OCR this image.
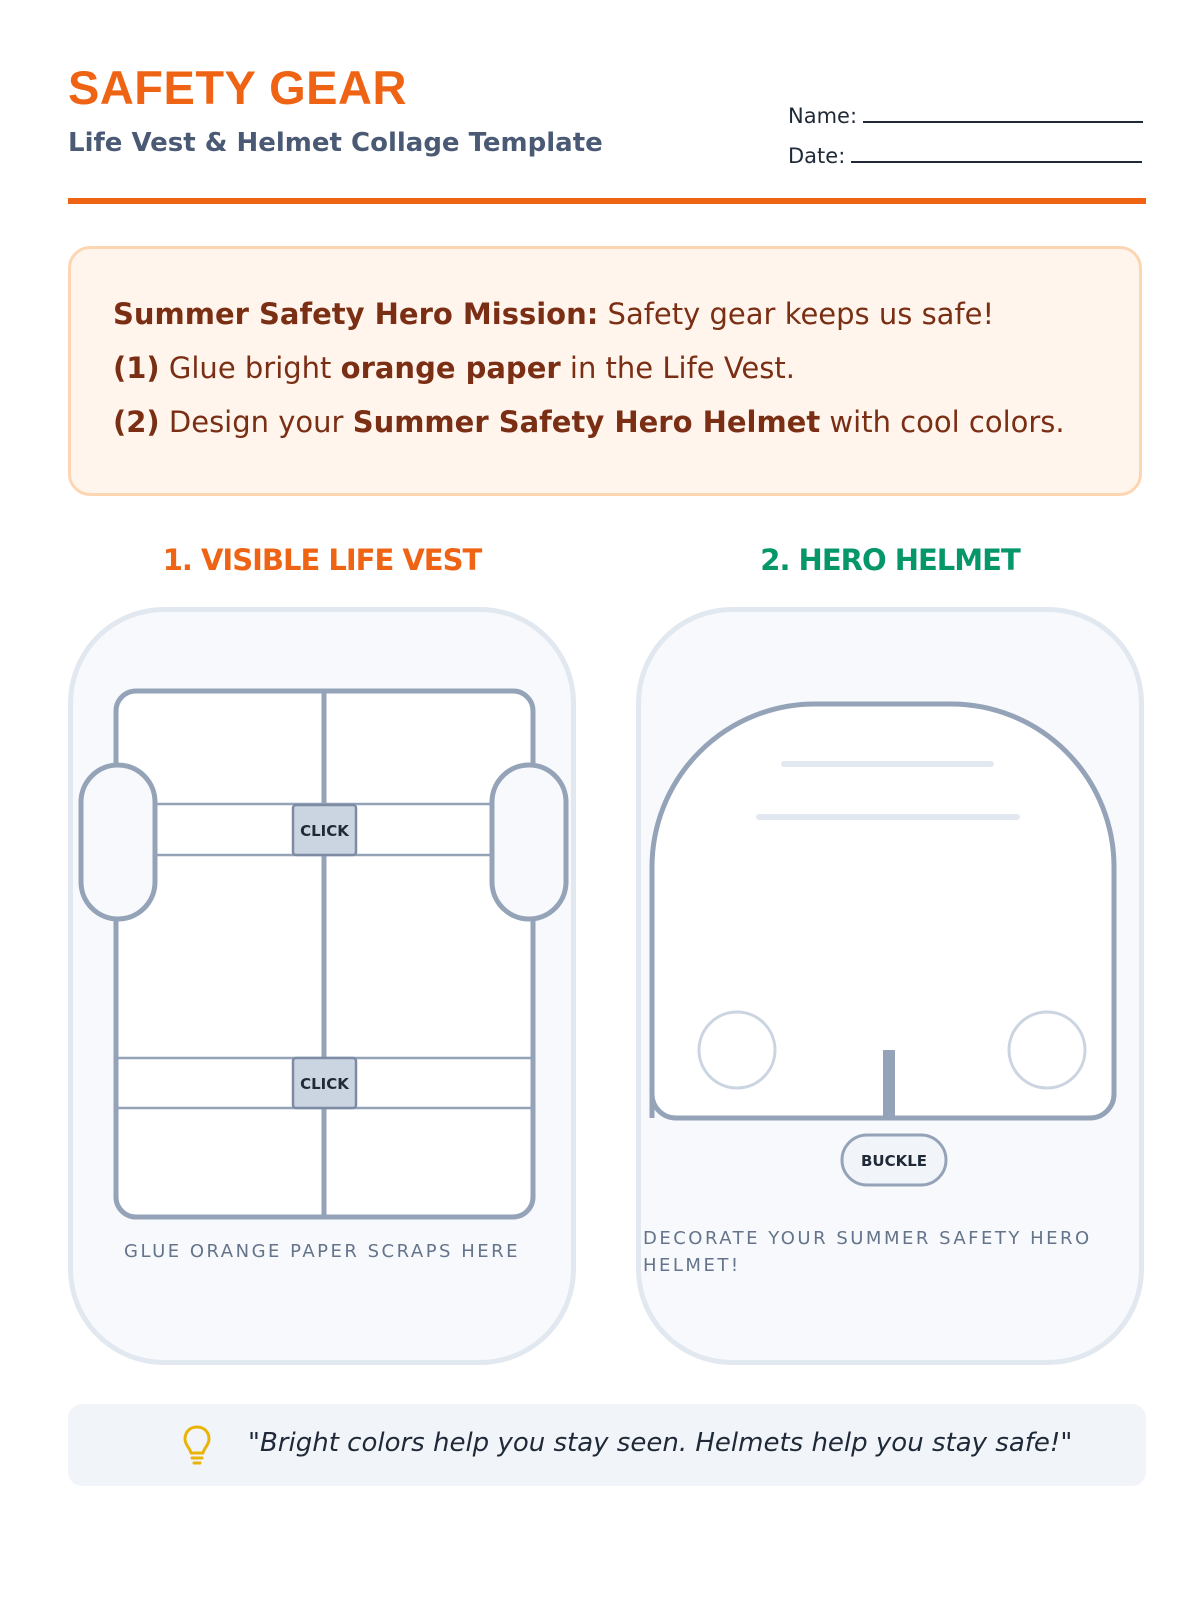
SAFETY GEAR
Life Vest & Helmet Collage Template
Name:
Date:
Summer Safety Hero Mission: Safety gear keeps us safe!
(1) Glue bright orange paper in the Life Vest.
(2) Design your Summer Safety Hero Helmet with cool colors.
1. VISIBLE LIFE VEST	2. HERO HELMET
CLICK
CLICK
GLUE ORANGE PAPER SCRAPS HERE
BUCKLE
DECORATE YOUR SUMMER SAFETY HERO HELMET!
"Bright colors help you stay seen. Helmets help you stay safe!"
